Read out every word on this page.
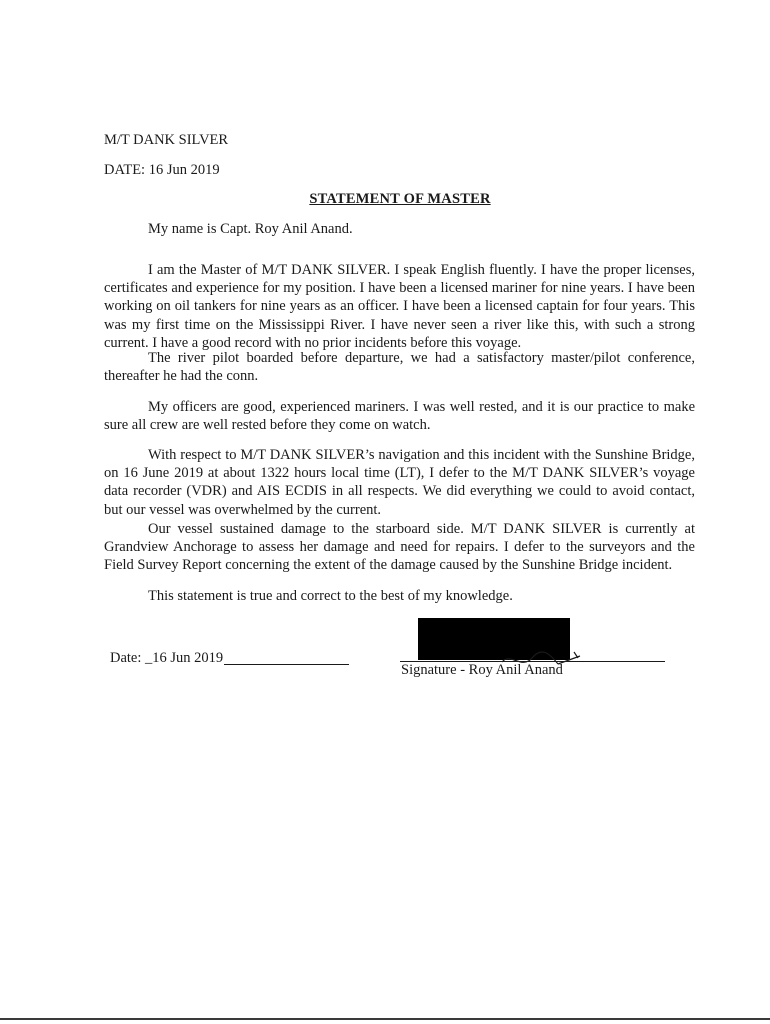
M/T DANK SILVER
DATE: 16 Jun 2019
STATEMENT OF MASTER
My name is Capt. Roy Anil Anand.
I am the Master of M/T DANK SILVER. I speak English fluently. I have the proper licenses, certificates and experience for my position. I have been a licensed mariner for nine years. I have been working on oil tankers for nine years as an officer. I have been a licensed captain for four years. This was my first time on the Mississippi River. I have never seen a river like this, with such a strong current. I have a good record with no prior incidents before this voyage.
The river pilot boarded before departure, we had a satisfactory master/pilot conference, thereafter he had the conn.
My officers are good, experienced mariners. I was well rested, and it is our practice to make sure all crew are well rested before they come on watch.
With respect to M/T DANK SILVER’s navigation and this incident with the Sunshine Bridge, on 16 June 2019 at about 1322 hours local time (LT), I defer to the M/T DANK SILVER’s voyage data recorder (VDR) and AIS ECDIS in all respects. We did everything we could to avoid contact, but our vessel was overwhelmed by the current.
Our vessel sustained damage to the starboard side. M/T DANK SILVER is currently at Grandview Anchorage to assess her damage and need for repairs. I defer to the surveyors and the Field Survey Report concerning the extent of the damage caused by the Sunshine Bridge incident.
This statement is true and correct to the best of my knowledge.
Date: _16 Jun 2019
Signature - Roy Anil Anand
